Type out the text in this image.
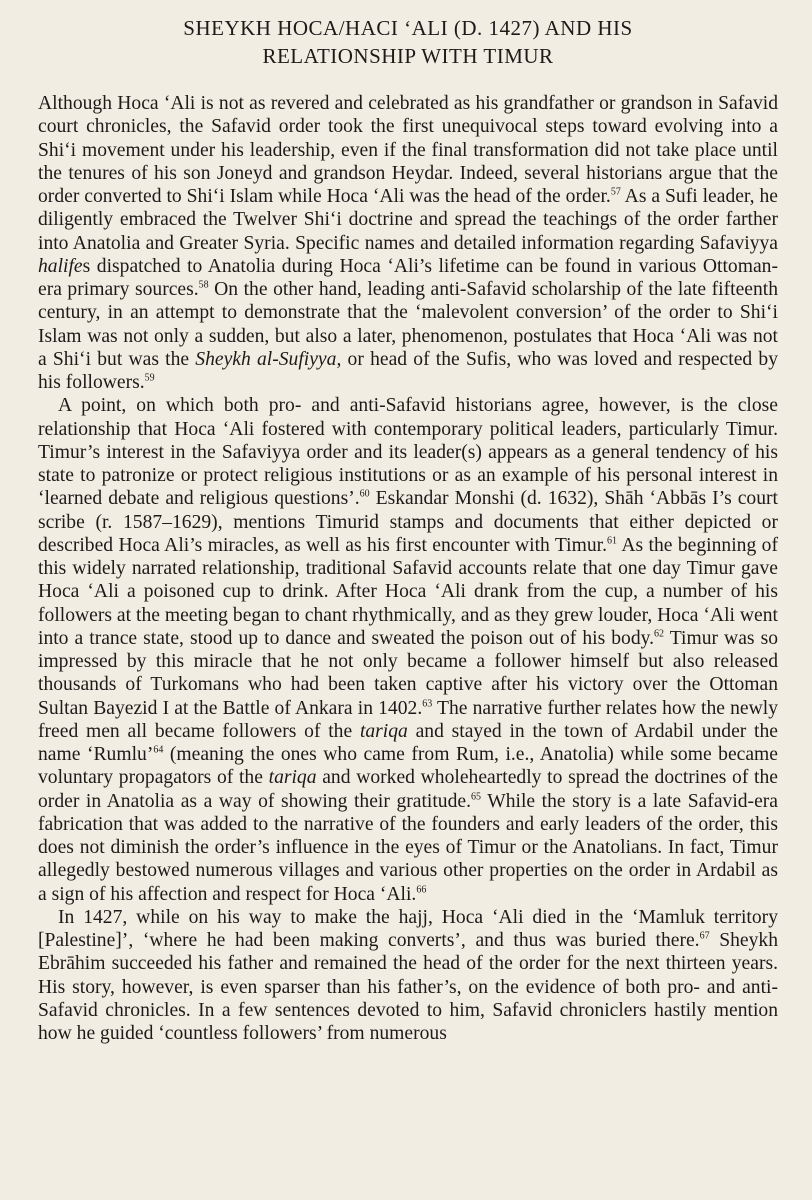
SHEYKH HOCA/HACI ‘ALI (D. 1427) AND HIS
RELATIONSHIP WITH TIMUR

Although Hoca ‘Ali is not as revered and celebrated as his grandfather or grandson in Safavid court chronicles, the Safavid order took the first unequivocal steps toward evolving into a Shi‘i movement under his leadership, even if the final transformation did not take place until the tenures of his son Joneyd and grandson Heydar. Indeed, several historians argue that the order converted to Shi‘i Islam while Hoca ‘Ali was the head of the order.$^{57}$ As a Sufi leader, he diligently embraced the Twelver Shi‘i doctrine and spread the teachings of the order farther into Anatolia and Greater Syria. Specific names and detailed information regarding Safaviyya halifes dispatched to Anatolia during Hoca ‘Ali’s lifetime can be found in various Ottoman-era primary sources.$^{58}$ On the other hand, leading anti-Safavid scholarship of the late fifteenth century, in an attempt to demonstrate that the ‘malevolent conversion’ of the order to Shi‘i Islam was not only a sudden, but also a later, phenomenon, postulates that Hoca ‘Ali was not a Shi‘i but was the Sheykh al-Sufiyya, or head of the Sufis, who was loved and respected by his followers.$^{59}$

A point, on which both pro- and anti-Safavid historians agree, however, is the close relationship that Hoca ‘Ali fostered with contemporary political leaders, particularly Timur. Timur’s interest in the Safaviyya order and its leader(s) appears as a general tendency of his state to patronize or protect religious institutions or as an example of his personal interest in ‘learned debate and religious questions’.$^{60}$ Eskandar Monshi (d. 1632), Shāh ‘Abbās I’s court scribe (r. 1587–1629), mentions Timurid stamps and documents that either depicted or described Hoca Ali’s miracles, as well as his first encounter with Timur.$^{61}$ As the beginning of this widely narrated relationship, traditional Safavid accounts relate that one day Timur gave Hoca ‘Ali a poisoned cup to drink. After Hoca ‘Ali drank from the cup, a number of his followers at the meeting began to chant rhythmically, and as they grew louder, Hoca ‘Ali went into a trance state, stood up to dance and sweated the poison out of his body.$^{62}$ Timur was so impressed by this miracle that he not only became a follower himself but also released thousands of Turkomans who had been taken captive after his victory over the Ottoman Sultan Bayezid I at the Battle of Ankara in 1402.63 The narrative further relates how the newly freed men all became followers of the tariqa and stayed in the town of Ardabil under the name ‘Rumlu’$^{64}$ (meaning the ones who came from Rum, i.e., Anatolia) while some became voluntary propagators of the tariqa and worked wholeheartedly to spread the doctrines of the order in Anatolia as a way of showing their gratitude.$^{65}$ While the story is a late Safavid-era fabrication that was added to the narrative of the founders and early leaders of the order, this does not diminish the order’s influence in the eyes of Timur or the Anatolians. In fact, Timur allegedly bestowed numerous villages and various other properties on the order in Ardabil as a sign of his affection and respect for Hoca ‘Ali.$^{66}$

In 1427, while on his way to make the hajj, Hoca ‘Ali died in the ‘Mamluk territory [Palestine]’, ‘where he had been making converts’, and thus was buried there.$^{67}$ Sheykh Ebrāhim succeeded his father and remained the head of the order for the next thirteen years. His story, however, is even sparser than his father’s, on the evidence of both pro- and anti-Safavid chronicles. In a few sentences devoted to him, Safavid chroniclers hastily mention how he guided ‘countless followers’ from numerous
